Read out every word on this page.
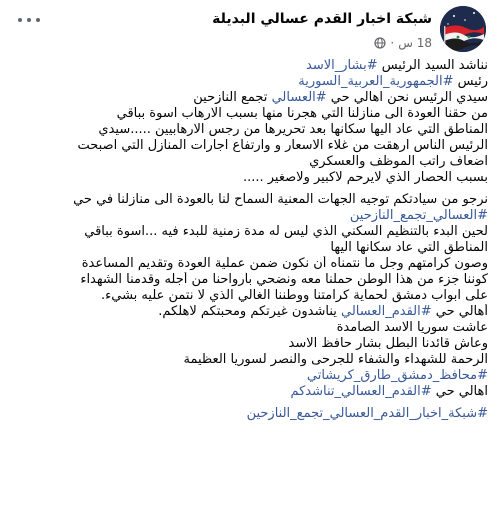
شبكة اخبار القدم عسالي البديلة
18 س
·
نناشد السيد الرئيس #بشار_الاسد
رئيس #الجمهورية_العربية_السورية
سيدي الرئيس نحن اهالي حي #العسالي تجمع النازحين
من حقنا العودة الى منازلنا التي هجرنا منها بسبب الارهاب اسوة بباقي
المناطق التي عاد اليها سكانها بعد تحريرها من رجس الارهابيين .....سيدي
الرئيس الناس ارهقت من غلاء الاسعار و وارتفاع اجارات المنازل التي اصبحت
اضعاف راتب الموظف والعسكري
بسبب الحصار الذي لايرحم لاكبير ولاصغير .....
نرجو من سيادتكم توجيه الجهات المعنية السماح لنا بالعودة الى منازلنا في حي
#العسالي_تجمع_النازحين
لحين البدء بالتنظيم السكني الذي ليس له مدة زمنية للبدء فيه ...اسوة بباقي
المناطق التي عاد سكانها اليها
وصون كرامتهم وجل ما نتمناه أن نكون ضمن عملية العودة وتقديم المساعدة
كوننا جزء من هذا الوطن حملنا معه ونضحي بأرواحنا من أجله وقدمنا الشهداء
على ابواب دمشق لحماية كرامتنا ووطننا الغالي الذي لا نتمن عليه بشيء.
أهالي حي #القدم_العسالي يناشدون غيرتكم ومحبتكم لاهلكم.
عاشت سوريا الاسد الصامدة
وعاش قائدنا البطل بشار حافظ الاسد
الرحمة للشهداء والشفاء للجرحى والنصر لسوريا العظيمة
#محافظ_دمشق_طارق_كريشاتي
اهالي حي #القدم_العسالي_تناشدكم
#شبكة_اخبار_القدم_العسالي_تجمع_النازحين
